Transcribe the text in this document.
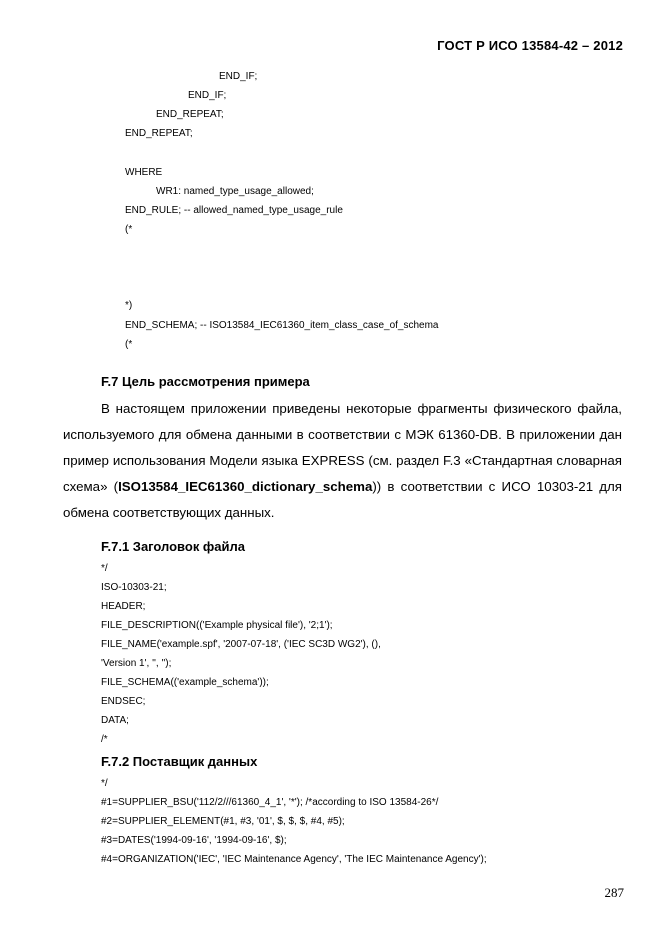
ГОСТ Р ИСО 13584-42 – 2012
END_IF;
END_IF;
END_REPEAT;
END_REPEAT;
WHERE
WR1: named_type_usage_allowed;
END_RULE; -- allowed_named_type_usage_rule
(*
*)
END_SCHEMA; -- ISO13584_IEC61360_item_class_case_of_schema
(*
F.7 Цель рассмотрения примера
В настоящем приложении приведены некоторые фрагменты физического файла, используемого для обмена данными в соответствии с МЭК 61360-DB. В приложении дан пример использования Модели языка EXPRESS (см. раздел F.3 «Стандартная словарная схема» (ISO13584_IEC61360_dictionary_schema)) в соответствии с ИСО 10303-21 для обмена соответствующих данных.
F.7.1 Заголовок файла
*/
ISO-10303-21;
HEADER;
FILE_DESCRIPTION(('Example physical file'), '2;1');
FILE_NAME('example.spf', '2007-07-18', ('IEC SC3D WG2'), (),
'Version 1', '', '');
FILE_SCHEMA(('example_schema'));
ENDSEC;
DATA;
/*
F.7.2 Поставщик данных
*/
#1=SUPPLIER_BSU('112/2///61360_4_1', '*'); /*according to ISO 13584-26*/
#2=SUPPLIER_ELEMENT(#1, #3, '01', $, $, $, #4, #5);
#3=DATES('1994-09-16', '1994-09-16', $);
#4=ORGANIZATION('IEC', 'IEC Maintenance Agency', 'The IEC Maintenance Agency');
287
